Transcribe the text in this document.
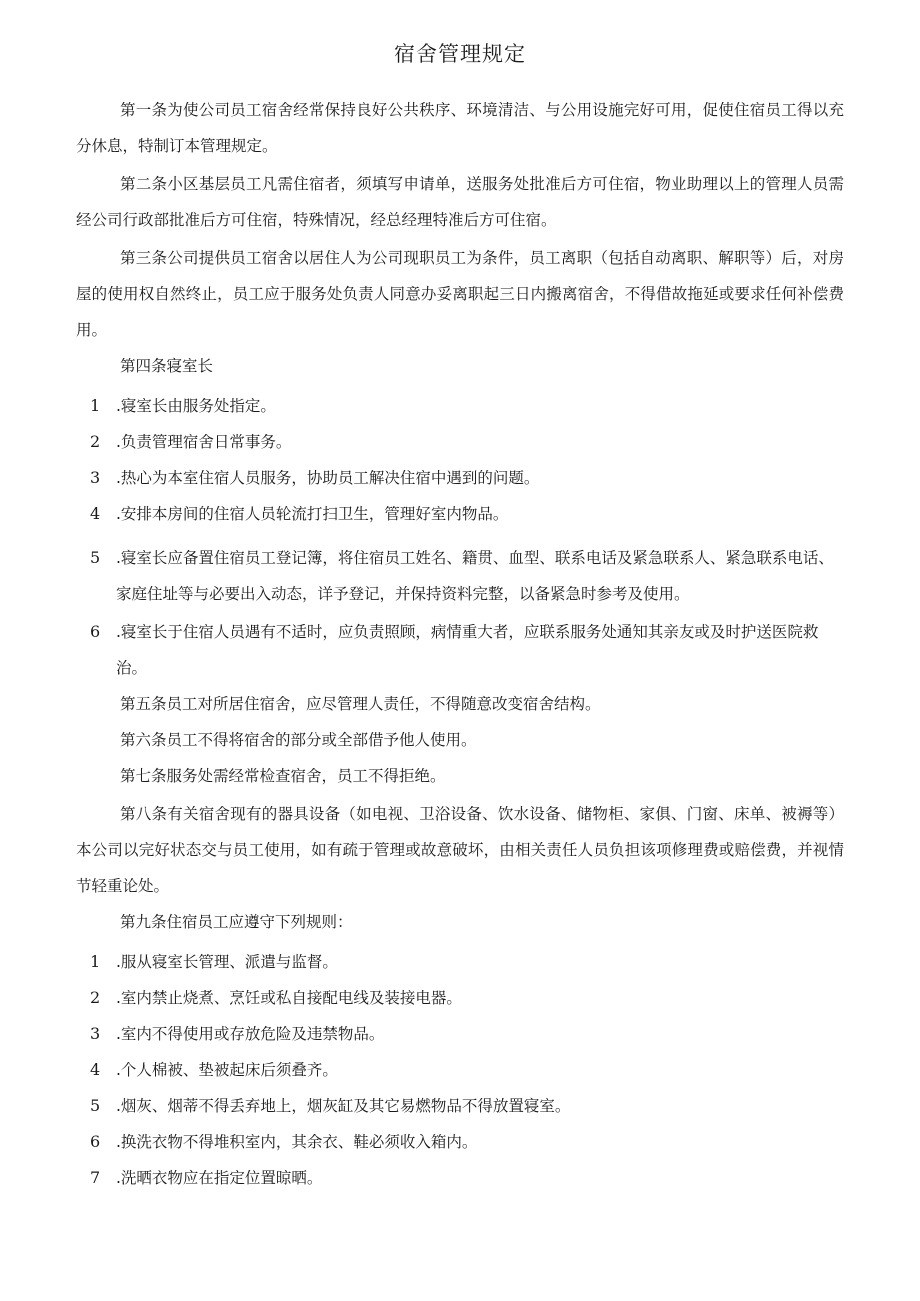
宿舍管理规定

第一条为使公司员工宿舍经常保持良好公共秩序、环境清洁、与公用设施完好可用，促使住宿员工得以充分休息，特制订本管理规定。

第二条小区基层员工凡需住宿者，须填写申请单，送服务处批准后方可住宿，物业助理以上的管理人员需经公司行政部批准后方可住宿，特殊情况，经总经理特准后方可住宿。

第三条公司提供员工宿舍以居住人为公司现职员工为条件，员工离职（包括自动离职、解职等）后，对房屋的使用权自然终止，员工应于服务处负责人同意办妥离职起三日内搬离宿舍，不得借故拖延或要求任何补偿费用。

第四条寝室长

1	.寝室长由服务处指定。
2	.负责管理宿舍日常事务。
3	.热心为本室住宿人员服务，协助员工解决住宿中遇到的问题。
4	.安排本房间的住宿人员轮流打扫卫生，管理好室内物品。
5	.寝室长应备置住宿员工登记簿，将住宿员工姓名、籍贯、血型、联系电话及紧急联系人、紧急联系电话、家庭住址等与必要出入动态，详予登记，并保持资料完整，以备紧急时参考及使用。
6	.寝室长于住宿人员遇有不适时，应负责照顾，病情重大者，应联系服务处通知其亲友或及时护送医院救治。

第五条员工对所居住宿舍，应尽管理人责任，不得随意改变宿舍结构。

第六条员工不得将宿舍的部分或全部借予他人使用。

第七条服务处需经常检查宿舍，员工不得拒绝。

第八条有关宿舍现有的器具设备（如电视、卫浴设备、饮水设备、储物柜、家俱、门窗、床单、被褥等）本公司以完好状态交与员工使用，如有疏于管理或故意破坏，由相关责任人员负担该项修理费或赔偿费，并视情节轻重论处。

第九条住宿员工应遵守下列规则：

1	.服从寝室长管理、派遣与监督。
2	.室内禁止烧煮、烹饪或私自接配电线及装接电器。
3	.室内不得使用或存放危险及违禁物品。
4	.个人棉被、垫被起床后须叠齐。
5	.烟灰、烟蒂不得丢弃地上，烟灰缸及其它易燃物品不得放置寝室。
6	.换洗衣物不得堆积室内，其余衣、鞋必须收入箱内。
7	.洗晒衣物应在指定位置晾晒。
